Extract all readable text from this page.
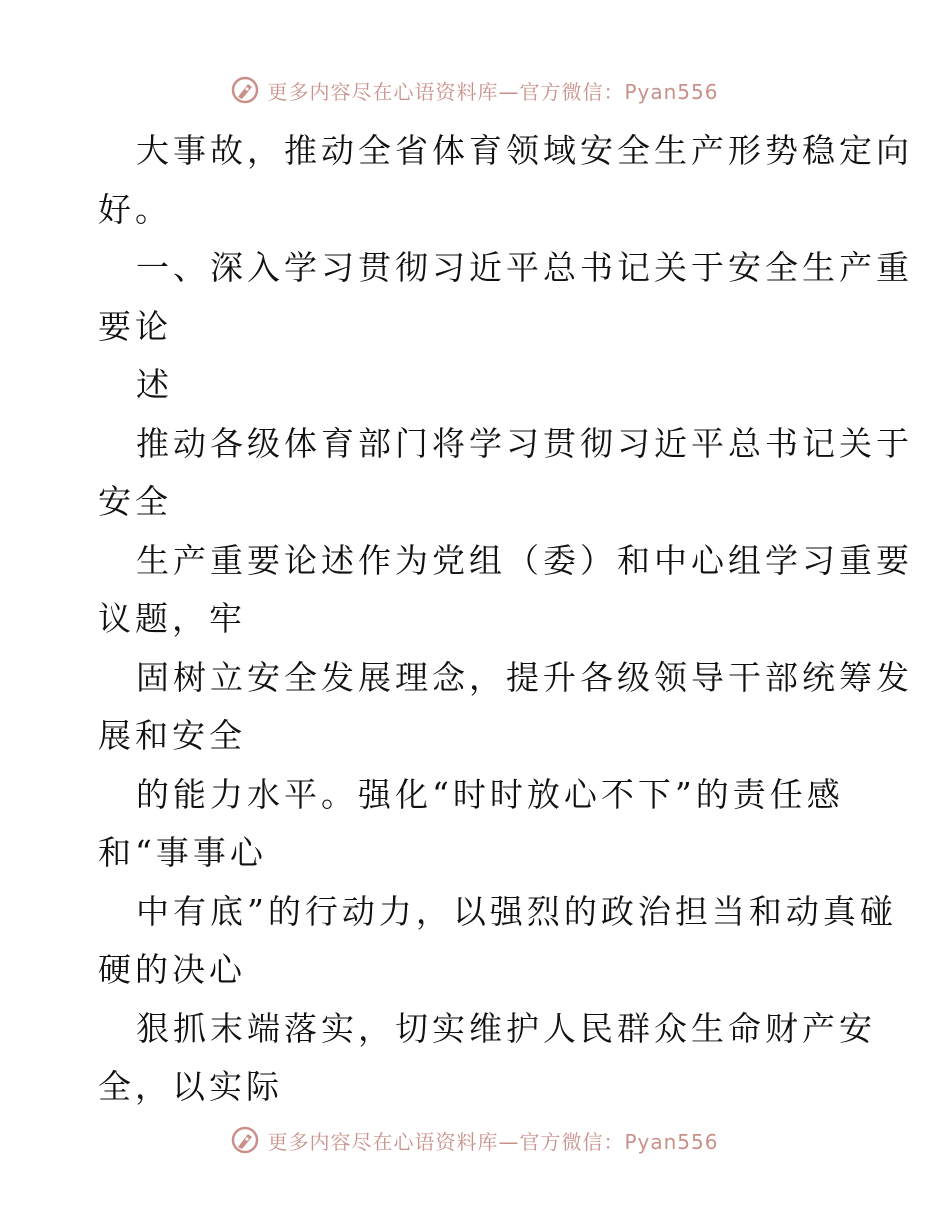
更多内容尽在心语资料库—官方微信：Pyan556
大事故，推动全省体育领域安全生产形势稳定向
好。
一、深入学习贯彻习近平总书记关于安全生产重
要论
述
推动各级体育部门将学习贯彻习近平总书记关于
安全
生产重要论述作为党组（委）和中心组学习重要
议题，牢
固树立安全发展理念，提升各级领导干部统筹发
展和安全
的能力水平。强化“时时放心不下”的责任感
和“事事心
中有底”的行动力，以强烈的政治担当和动真碰
硬的决心
狠抓末端落实，切实维护人民群众生命财产安
全，以实际
更多内容尽在心语资料库—官方微信：Pyan556
